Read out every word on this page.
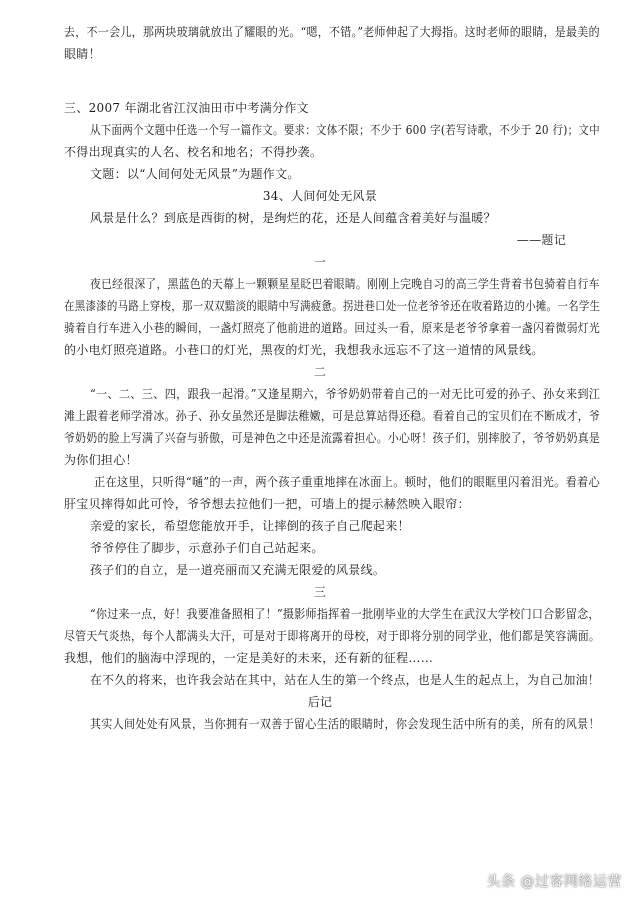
去，不一会儿，那两块玻璃就放出了耀眼的光。“嗯，不错。”老师伸起了大拇指。这时老师的眼睛，是最美的
眼睛！
三、2007 年湖北省江汉油田市中考满分作文
从下面两个文题中任选一个写一篇作文。要求：文体不限；不少于 600 字(若写诗歌，不少于 20 行)；文中
不得出现真实的人名、校名和地名；不得抄袭。
文题：以“人间何处无风景”为题作文。
34、人间何处无风景
风景是什么？到底是西街的树，是绚烂的花，还是人间蕴含着美好与温暖？
——题记
一
夜已经很深了，黑蓝色的天幕上一颗颗星星眨巴着眼睛。刚刚上完晚自习的高三学生背着书包骑着自行车
在黑漆漆的马路上穿梭，那一双双黯淡的眼睛中写满疲惫。拐进巷口处一位老爷爷还在收着路边的小摊。一名学生
骑着自行车进入小巷的瞬间，一盏灯照亮了他前进的道路。回过头一看，原来是老爷爷拿着一盏闪着微弱灯光
的小电灯照亮道路。小巷口的灯光，黑夜的灯光，我想我永远忘不了这一道情的风景线。
二
“一、二、三、四，跟我一起滑。”又逢星期六，爷爷奶奶带着自己的一对无比可爱的孙子、孙女来到江
滩上跟着老师学滑冰。孙子、孙女虽然还是脚法稚嫩，可是总算站得还稳。看着自己的宝贝们在不断成才，爷
爷奶奶的脸上写满了兴奋与骄傲，可是神色之中还是流露着担心。小心呀！孩子们，别摔胶了，爷爷奶奶真是
为你们担心！
正在这里，只听得“嗵”的一声，两个孩子重重地摔在冰面上。顿时，他们的眼眶里闪着泪光。看着心
肝宝贝摔得如此可怜，爷爷想去拉他们一把，可墙上的提示赫然映入眼帘：
亲爱的家长，希望您能放开手，让摔倒的孩子自己爬起来！
爷爷停住了脚步，示意孙子们自己站起来。
孩子们的自立，是一道亮丽而又充满无限爱的风景线。
三
“你过来一点，好！我要准备照相了！”摄影师指挥着一批刚毕业的大学生在武汉大学校门口合影留念，
尽管天气炎热，每个人都满头大汗，可是对于即将离开的母校，对于即将分别的同学业，他们都是笑容满面。
我想，他们的脑海中浮现的，一定是美好的未来，还有新的征程……
在不久的将来，也许我会站在其中，站在人生的第一个终点，也是人生的起点上，为自己加油！
后记
其实人间处处有风景，当你拥有一双善于留心生活的眼睛时，你会发现生活中所有的美，所有的风景！
头条 @过客网络运营
